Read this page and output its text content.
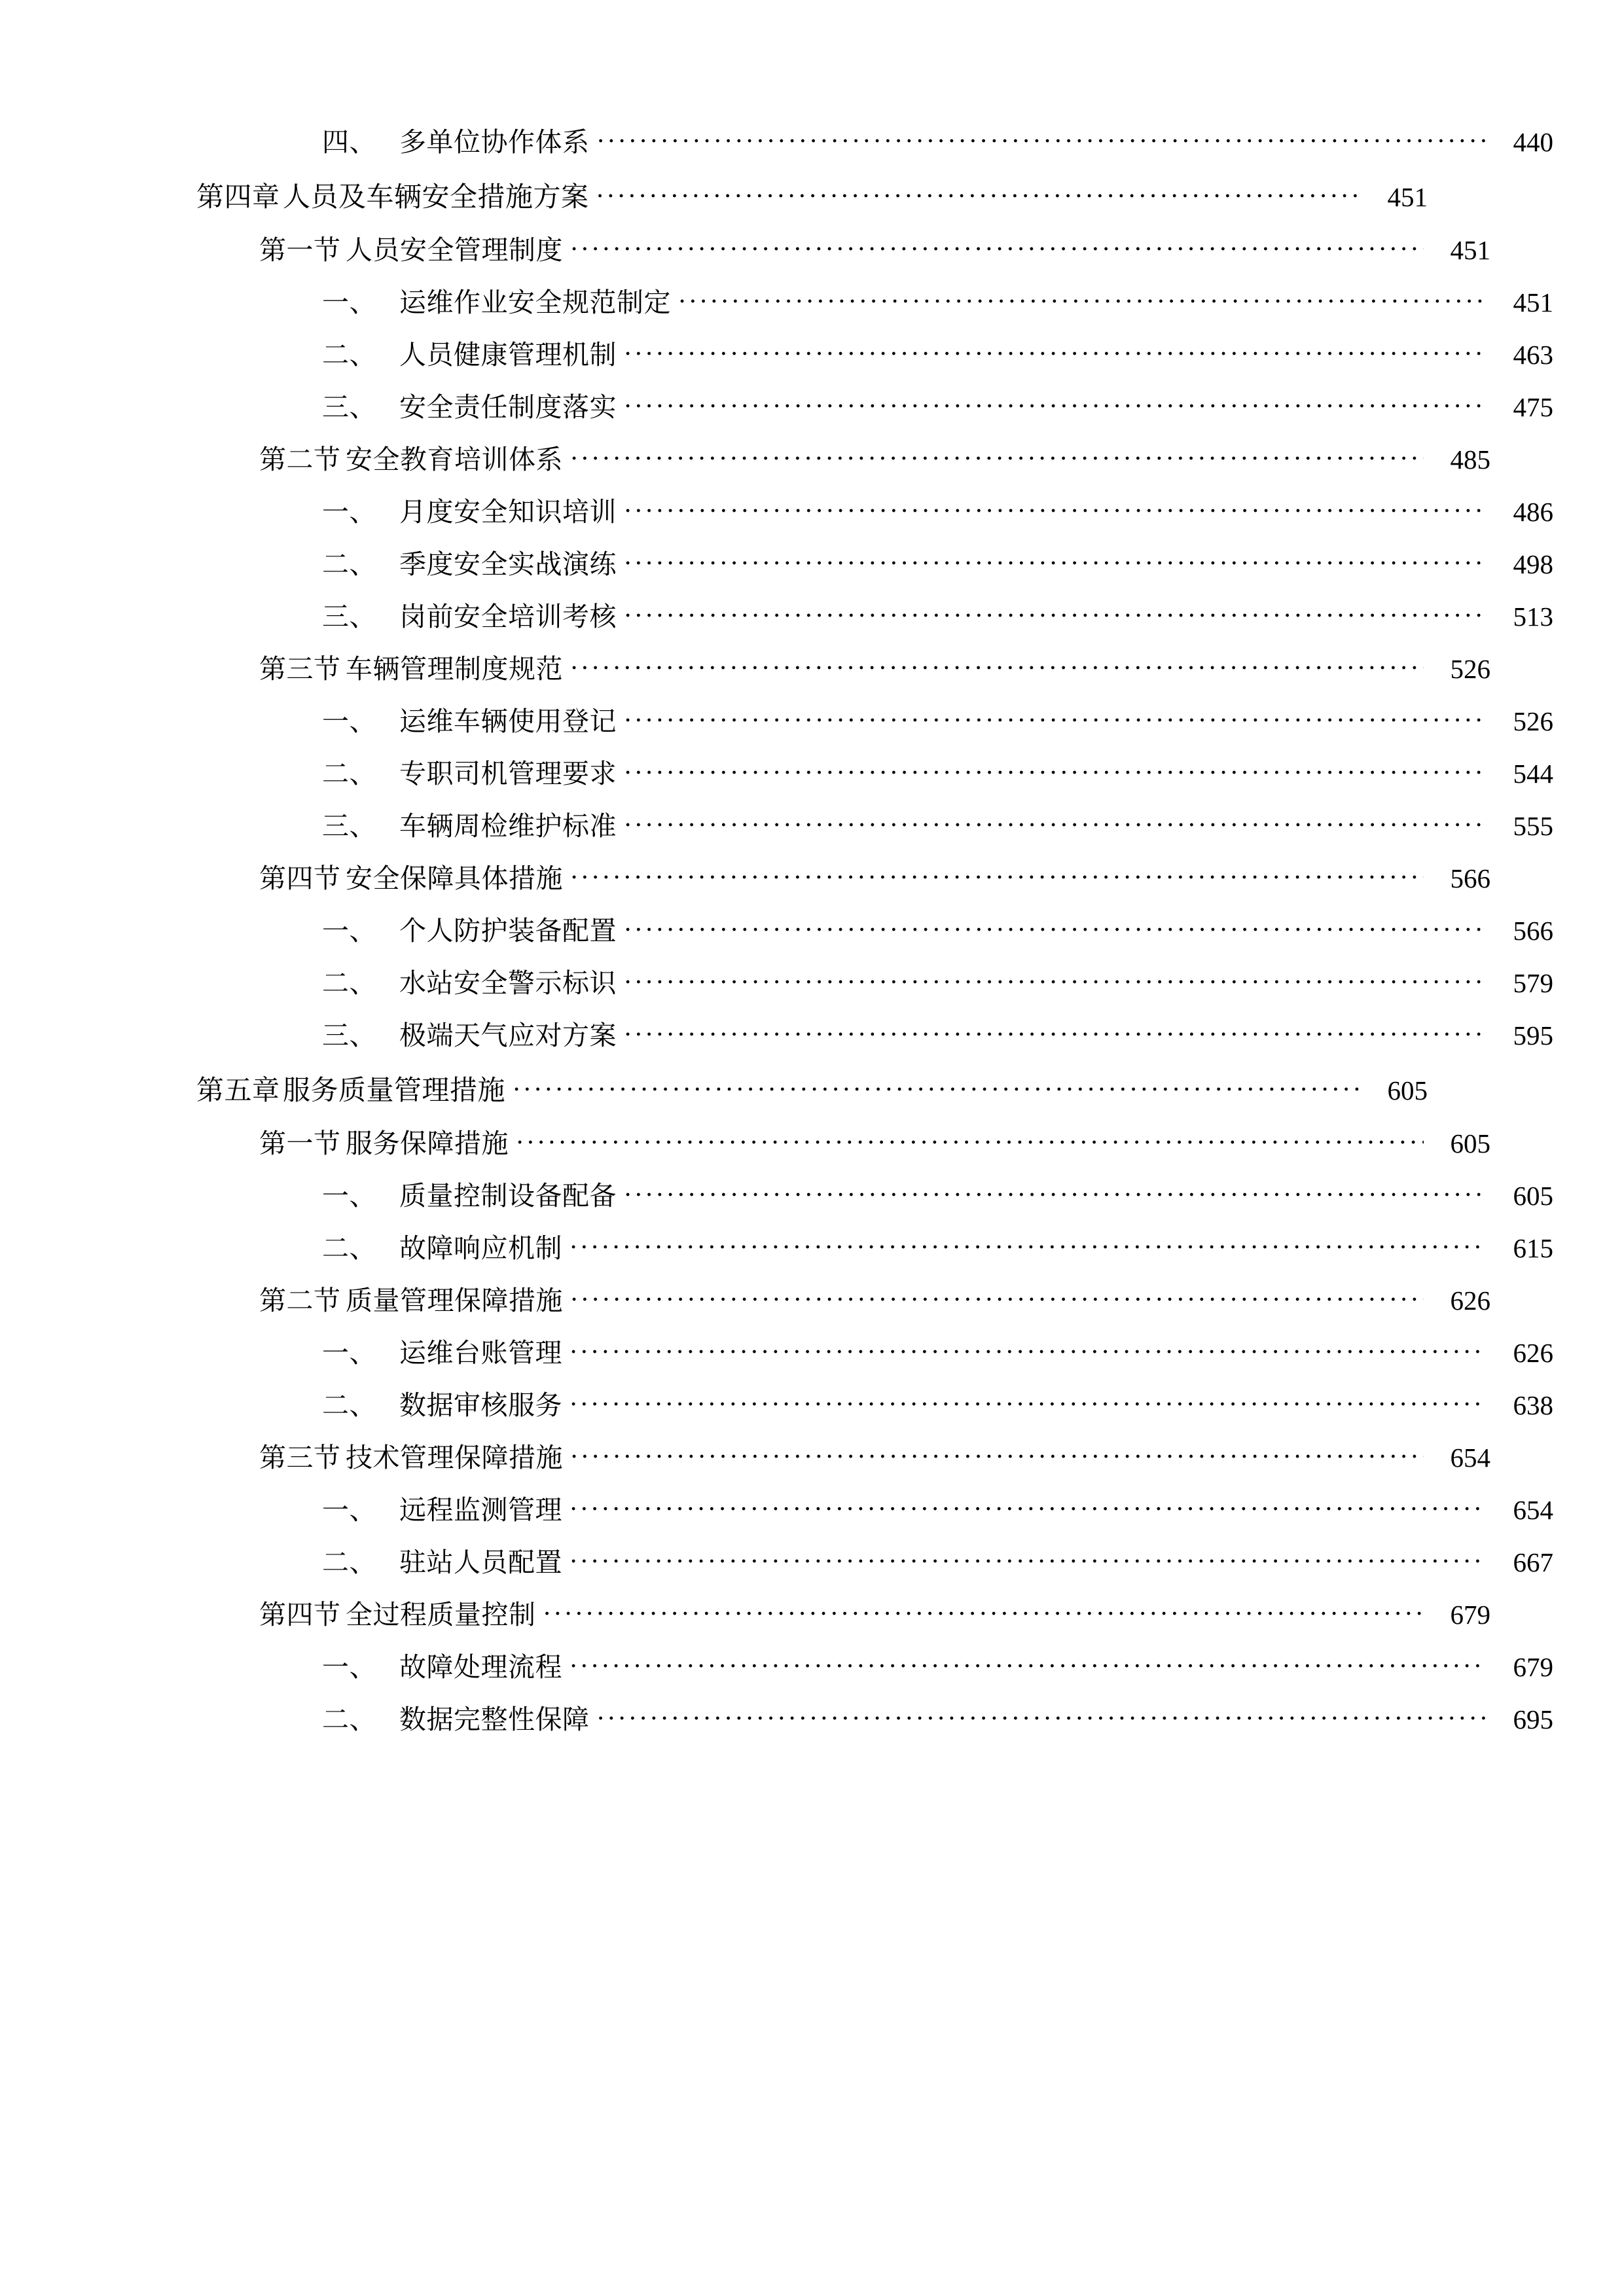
四、 多单位协作体系 .....	440
第四章 人员及车辆安全措施方案 .....	451
第一节 人员安全管理制度 .....	451
一、 运维作业安全规范制定 .....	451
二、 人员健康管理机制 .....	463
三、 安全责任制度落实 .....	475
第二节 安全教育培训体系 .....	485
一、 月度安全知识培训 .....	486
二、 季度安全实战演练 .....	498
三、 岗前安全培训考核 .....	513
第三节 车辆管理制度规范 .....	526
一、 运维车辆使用登记 .....	526
二、 专职司机管理要求 .....	544
三、 车辆周检维护标准 .....	555
第四节 安全保障具体措施 .....	566
一、 个人防护装备配置 .....	566
二、 水站安全警示标识 .....	579
三、 极端天气应对方案 .....	595
第五章 服务质量管理措施 .....	605
第一节 服务保障措施 .....	605
一、 质量控制设备配备 .....	605
二、 故障响应机制 .....	615
第二节 质量管理保障措施 .....	626
一、 运维台账管理 .....	626
二、 数据审核服务 .....	638
第三节 技术管理保障措施 .....	654
一、 远程监测管理 .....	654
二、 驻站人员配置 .....	667
第四节 全过程质量控制 .....	679
一、 故障处理流程 .....	679
二、 数据完整性保障 .....	695
